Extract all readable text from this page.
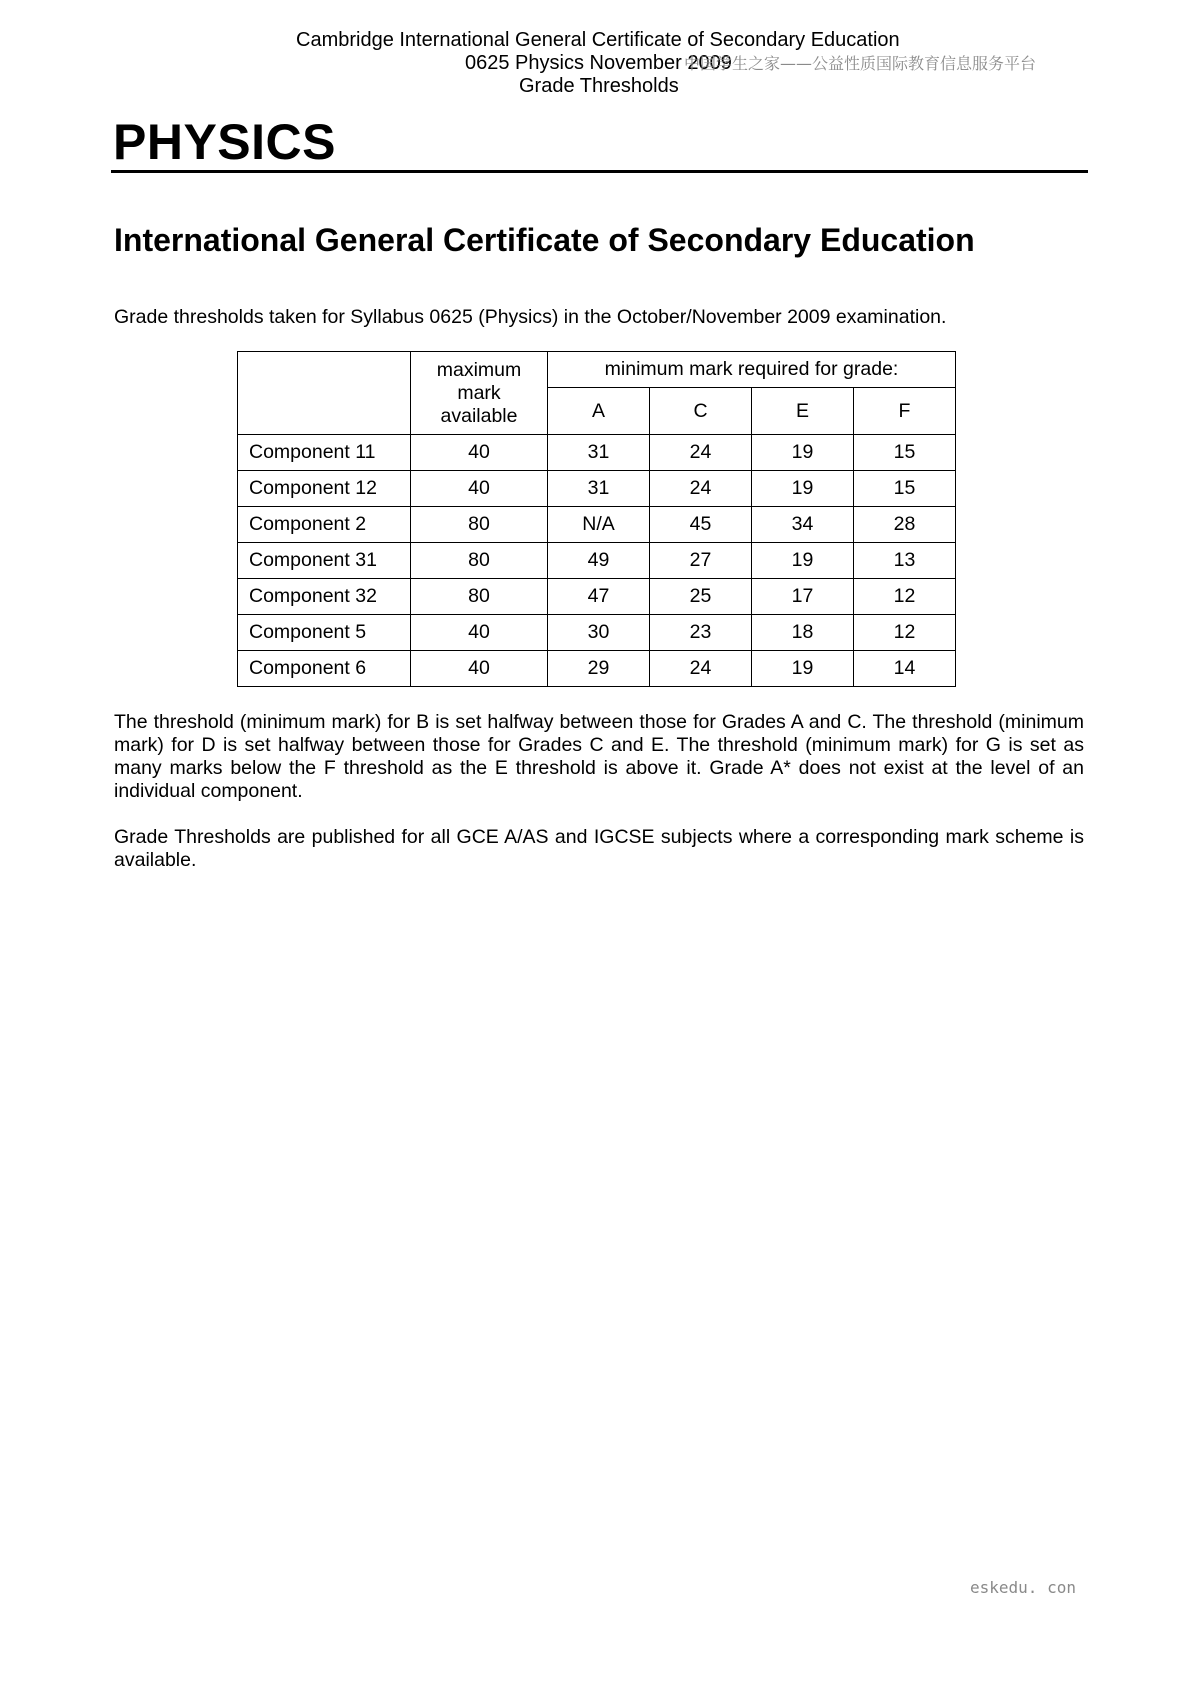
Cambridge International General Certificate of Secondary Education
0625 Physics November 2009
Grade Thresholds
中国学生之家——公益性质国际教育信息服务平台
PHYSICS
International General Certificate of Secondary Education
Grade thresholds taken for Syllabus 0625 (Physics) in the October/November 2009 examination.
	maximum mark available	minimum mark required for grade:			
		A	C	E	F
Component 11	40	31	24	19	15
Component 12	40	31	24	19	15
Component 2	80	N/A	45	34	28
Component 31	80	49	27	19	13
Component 32	80	47	25	17	12
Component 5	40	30	23	18	12
Component 6	40	29	24	19	14

The threshold (minimum mark) for B is set halfway between those for Grades A and C. The threshold (minimum mark) for D is set halfway between those for Grades C and E. The threshold (minimum mark) for G is set as many marks below the F threshold as the E threshold is above it. Grade A* does not exist at the level of an individual component.

Grade Thresholds are published for all GCE A/AS and IGCSE subjects where a corresponding mark scheme is available.

eskedu. con
